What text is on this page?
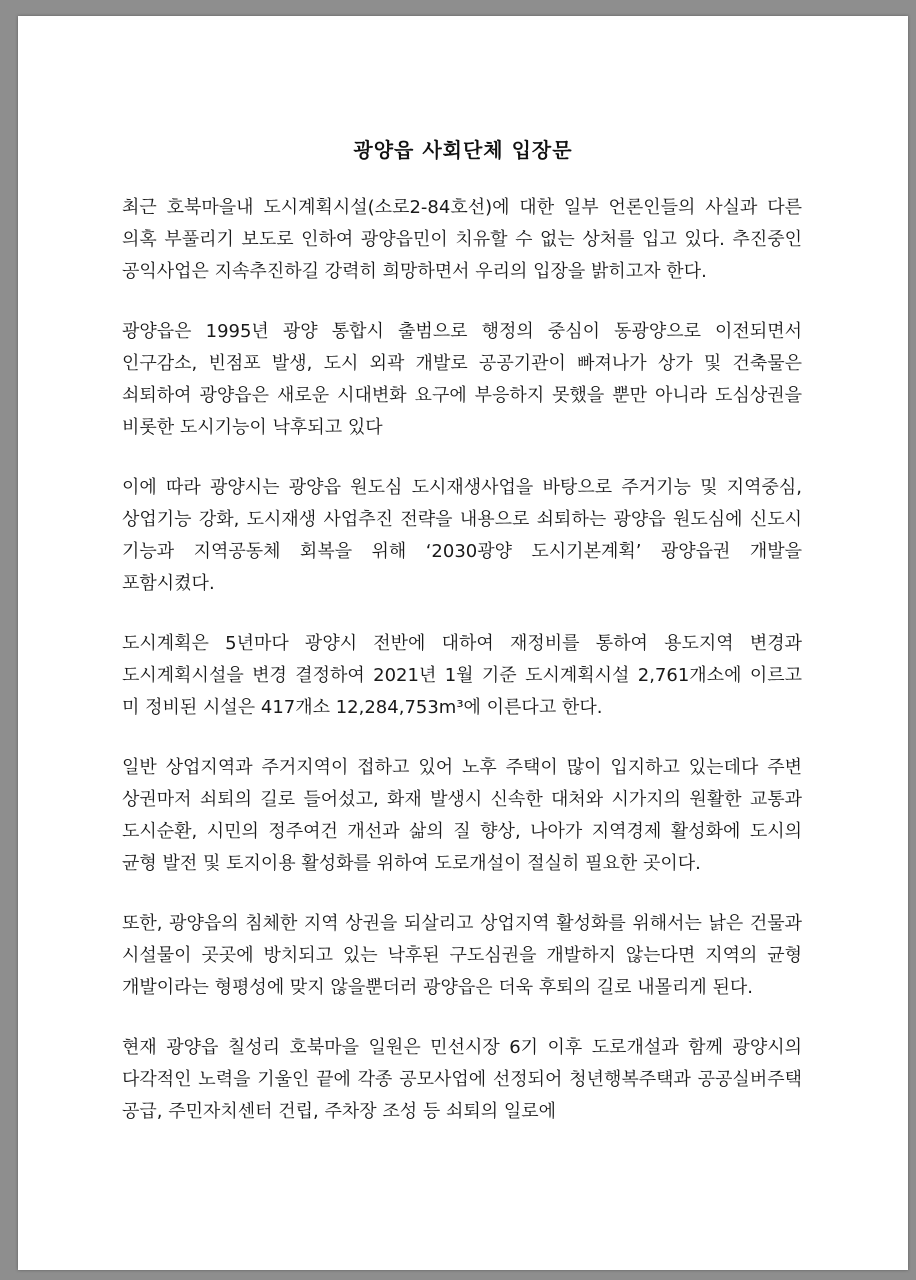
광양읍 사회단체 입장문

최근 호북마을내 도시계획시설(소로2-84호선)에 대한 일부 언론인들의 사실과 다른 의혹 부풀리기 보도로 인하여 광양읍민이 치유할 수 없는 상처를 입고 있다. 추진중인 공익사업은 지속추진하길 강력히 희망하면서 우리의 입장을 밝히고자 한다.

광양읍은 1995년 광양 통합시 출범으로 행정의 중심이 동광양으로 이전되면서 인구감소, 빈점포 발생, 도시 외곽 개발로 공공기관이 빠져나가 상가 및 건축물은 쇠퇴하여 광양읍은 새로운 시대변화 요구에 부응하지 못했을 뿐만 아니라 도심상권을 비롯한 도시기능이 낙후되고 있다

이에 따라 광양시는 광양읍 원도심 도시재생사업을 바탕으로 주거기능 및 지역중심, 상업기능 강화, 도시재생 사업추진 전략을 내용으로 쇠퇴하는 광양읍 원도심에 신도시 기능과 지역공동체 회복을 위해 ‘2030광양 도시기본계획’ 광양읍권 개발을 포함시켰다.

도시계획은 5년마다 광양시 전반에 대하여 재정비를 통하여 용도지역 변경과 도시계획시설을 변경 결정하여 2021년 1월 기준 도시계획시설 2,761개소에 이르고 미 정비된 시설은 417개소 12,284,753m³에 이른다고 한다.

일반 상업지역과 주거지역이 접하고 있어 노후 주택이 많이 입지하고 있는데다 주변 상권마저 쇠퇴의 길로 들어섰고, 화재 발생시 신속한 대처와 시가지의 원활한 교통과 도시순환, 시민의 정주여건 개선과 삶의 질 향상, 나아가 지역경제 활성화에 도시의 균형 발전 및 토지이용 활성화를 위하여 도로개설이 절실히 필요한 곳이다.

또한, 광양읍의 침체한 지역 상권을 되살리고 상업지역 활성화를 위해서는 낡은 건물과 시설물이 곳곳에 방치되고 있는 낙후된 구도심권을 개발하지 않는다면 지역의 균형 개발이라는 형평성에 맞지 않을뿐더러 광양읍은 더욱 후퇴의 길로 내몰리게 된다.

현재 광양읍 칠성리 호북마을 일원은 민선시장 6기 이후 도로개설과 함께 광양시의 다각적인 노력을 기울인 끝에 각종 공모사업에 선정되어 청년행복주택과 공공실버주택 공급, 주민자치센터 건립, 주차장 조성 등 쇠퇴의 일로에
